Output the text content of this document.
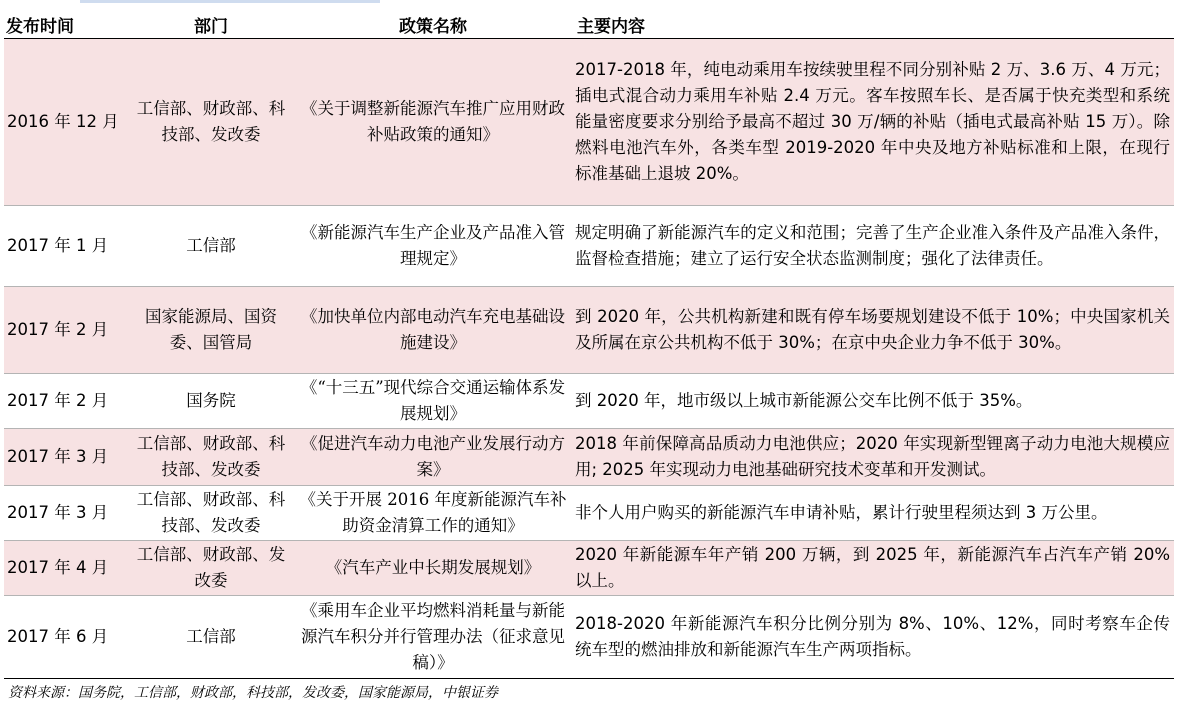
发布时间	部门	政策名称	主要内容
2016 年 12 月	工信部、财政部、科技部、发改委	《关于调整新能源汽车推广应用财政补贴政策的通知》	2017-2018 年，纯电动乘用车按续驶里程不同分别补贴 2 万、3.6 万、4 万元；插电式混合动力乘用车补贴 2.4 万元。客车按照车长、是否属于快充类型和系统能量密度要求分别给予最高不超过 30 万/辆的补贴（插电式最高补贴 15 万）。除燃料电池汽车外，各类车型 2019-2020 年中央及地方补贴标准和上限，在现行标准基础上退坡 20%。
2017 年 1 月	工信部	《新能源汽车生产企业及产品准入管理规定》	规定明确了新能源汽车的定义和范围；完善了生产企业准入条件及产品准入条件，监督检查措施；建立了运行安全状态监测制度；强化了法律责任。
2017 年 2 月	国家能源局、国资委、国管局	《加快单位内部电动汽车充电基础设施建设》	到 2020 年，公共机构新建和既有停车场要规划建设不低于 10%；中央国家机关及所属在京公共机构不低于 30%；在京中央企业力争不低于 30%。
2017 年 2 月	国务院	《“十三五”现代综合交通运输体系发展规划》	到 2020 年，地市级以上城市新能源公交车比例不低于 35%。
2017 年 3 月	工信部、财政部、科技部、发改委	《促进汽车动力电池产业发展行动方案》	2018 年前保障高品质动力电池供应；2020 年实现新型锂离子动力电池大规模应用; 2025 年实现动力电池基础研究技术变革和开发测试。
2017 年 3 月	工信部、财政部、科技部、发改委	《关于开展 2016 年度新能源汽车补助资金清算工作的通知》	非个人用户购买的新能源汽车申请补贴，累计行驶里程须达到 3 万公里。
2017 年 4 月	工信部、财政部、发改委	《汽车产业中长期发展规划》	2020 年新能源车年产销 200 万辆，到 2025 年，新能源汽车占汽车产销 20%以上。
2017 年 6 月	工信部	《乘用车企业平均燃料消耗量与新能源汽车积分并行管理办法（征求意见稿）》	2018-2020 年新能源汽车积分比例分别为 8%、10%、12%，同时考察车企传统车型的燃油排放和新能源汽车生产两项指标。
资料来源：国务院，工信部，财政部，科技部，发改委，国家能源局，中银证券
